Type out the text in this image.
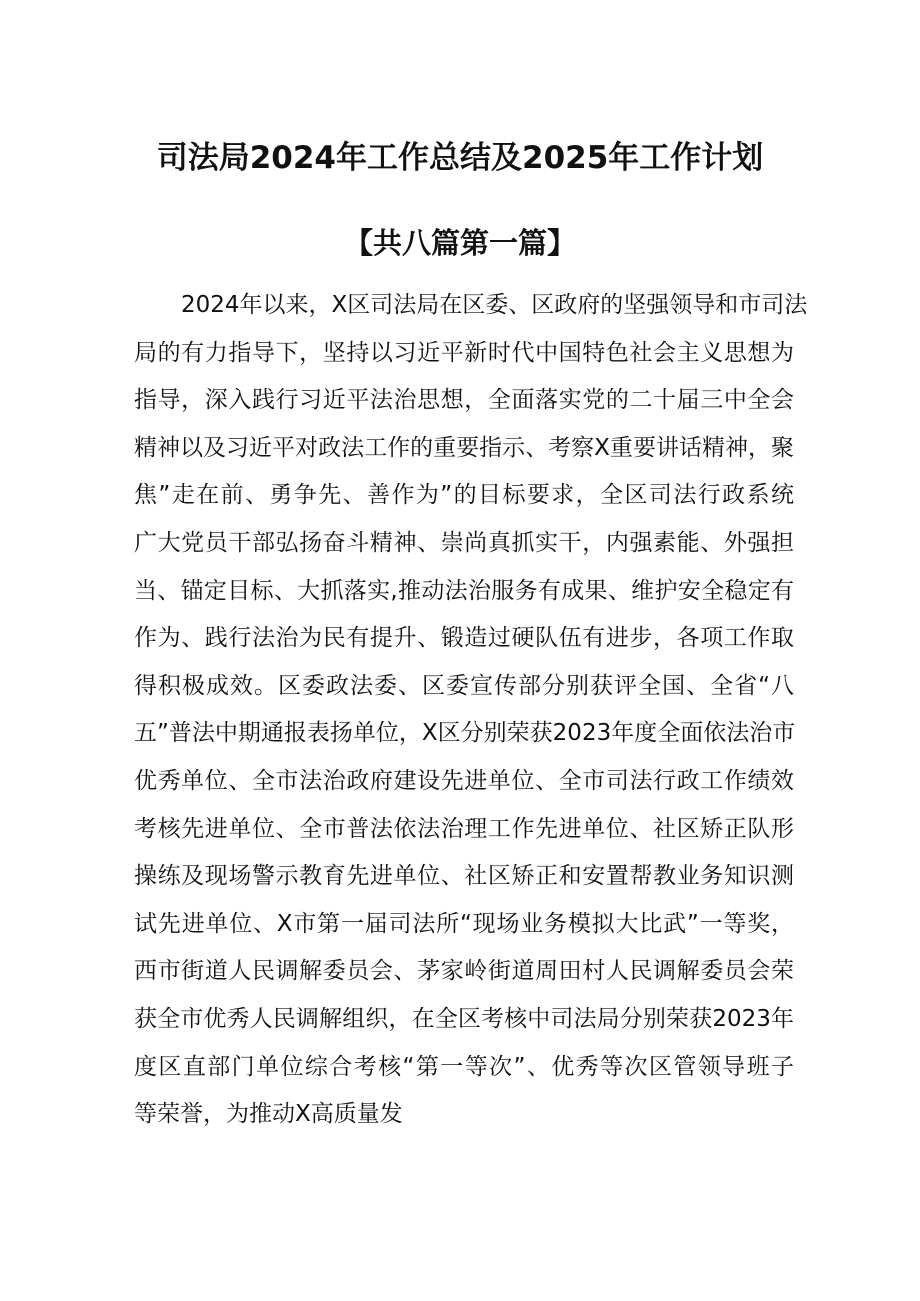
司法局2024年工作总结及2025年工作计划
【共八篇第一篇】
2024年以来，X区司法局在区委、区政府的坚强领导和市司法
局的有力指导下，坚持以习近平新时代中国特色社会主义思想为
指导，深入践行习近平法治思想，全面落实党的二十届三中全会
精神以及习近平对政法工作的重要指示、考察X重要讲话精神，聚
焦”走在前、勇争先、善作为”的目标要求，全区司法行政系统
广大党员干部弘扬奋斗精神、崇尚真抓实干，内强素能、外强担
当、锚定目标、大抓落实,推动法治服务有成果、维护安全稳定有
作为、践行法治为民有提升、锻造过硬队伍有进步，各项工作取
得积极成效。区委政法委、区委宣传部分别获评全国、全省“八
五”普法中期通报表扬单位，X区分别荣获2023年度全面依法治市
优秀单位、全市法治政府建设先进单位、全市司法行政工作绩效
考核先进单位、全市普法依法治理工作先进单位、社区矫正队形
操练及现场警示教育先进单位、社区矫正和安置帮教业务知识测
试先进单位、X市第一届司法所“现场业务模拟大比武”一等奖，
西市街道人民调解委员会、茅家岭街道周田村人民调解委员会荣
获全市优秀人民调解组织，在全区考核中司法局分别荣获2023年
度区直部门单位综合考核“第一等次”、优秀等次区管领导班子
等荣誉，为推动X高质量发
